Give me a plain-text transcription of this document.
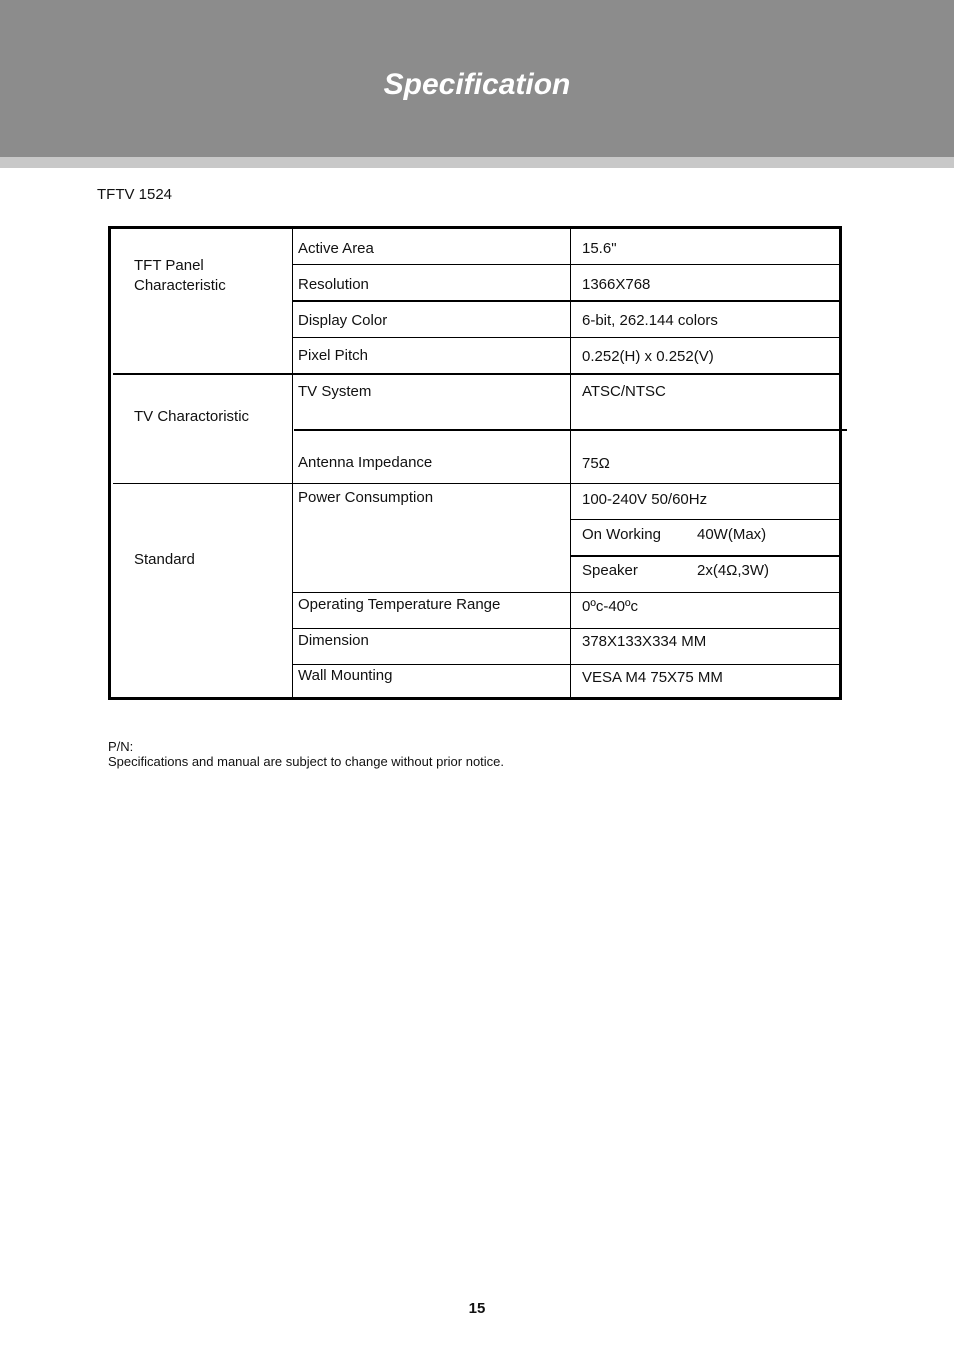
Specification
TFTV 1524
TFT Panel
Characteristic
TV Charactoristic
Standard
Active Area
Resolution
Display Color
Pixel Pitch
TV System
Antenna Impedance
Power Consumption
Operating Temperature Range
Dimension
Wall Mounting
15.6"
1366X768
6-bit, 262.144 colors
0.252(H) x 0.252(V)
ATSC/NTSC
75Ω
100-240V 50/60Hz
On Working 40W(Max)
Speaker	2x(4Ω,3W)
0ºc-40ºc
378X133X334 MM
VESA M4 75X75 MM
P/N:
Specifications and manual are subject to change without prior notice.
15
